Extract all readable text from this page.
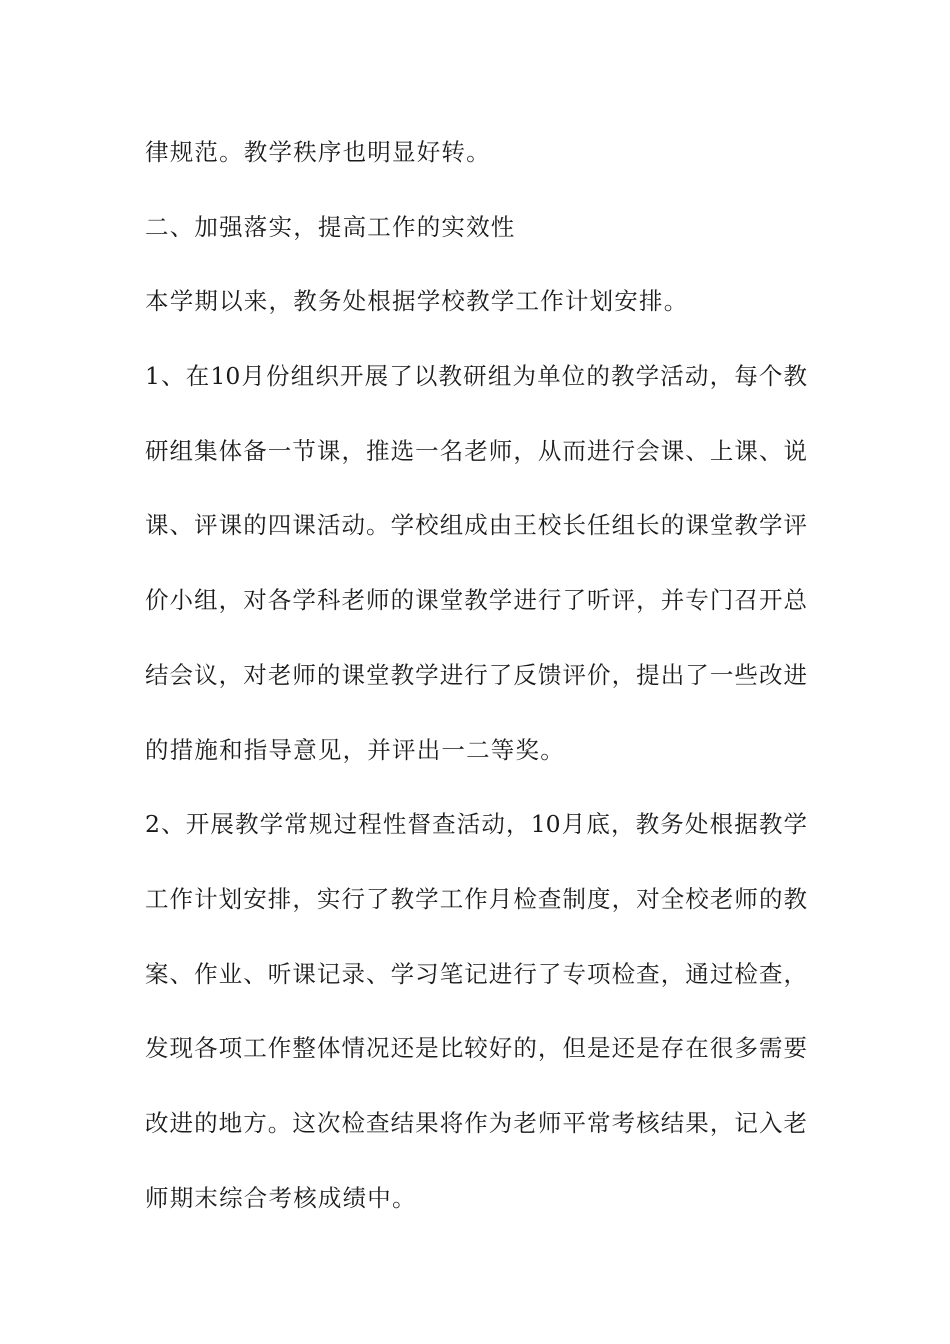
律规范。教学秩序也明显好转。
二、加强落实，提高工作的实效性
本学期以来，教务处根据学校教学工作计划安排。
1、在10月份组织开展了以教研组为单位的教学活动，每个教
研组集体备一节课，推选一名老师，从而进行会课、上课、说
课、评课的四课活动。学校组成由王校长任组长的课堂教学评
价小组，对各学科老师的课堂教学进行了听评，并专门召开总
结会议，对老师的课堂教学进行了反馈评价，提出了一些改进
的措施和指导意见，并评出一二等奖。
2、开展教学常规过程性督查活动，10月底，教务处根据教学
工作计划安排，实行了教学工作月检查制度，对全校老师的教
案、作业、听课记录、学习笔记进行了专项检查，通过检查，
发现各项工作整体情况还是比较好的，但是还是存在很多需要
改进的地方。这次检查结果将作为老师平常考核结果，记入老
师期末综合考核成绩中。
